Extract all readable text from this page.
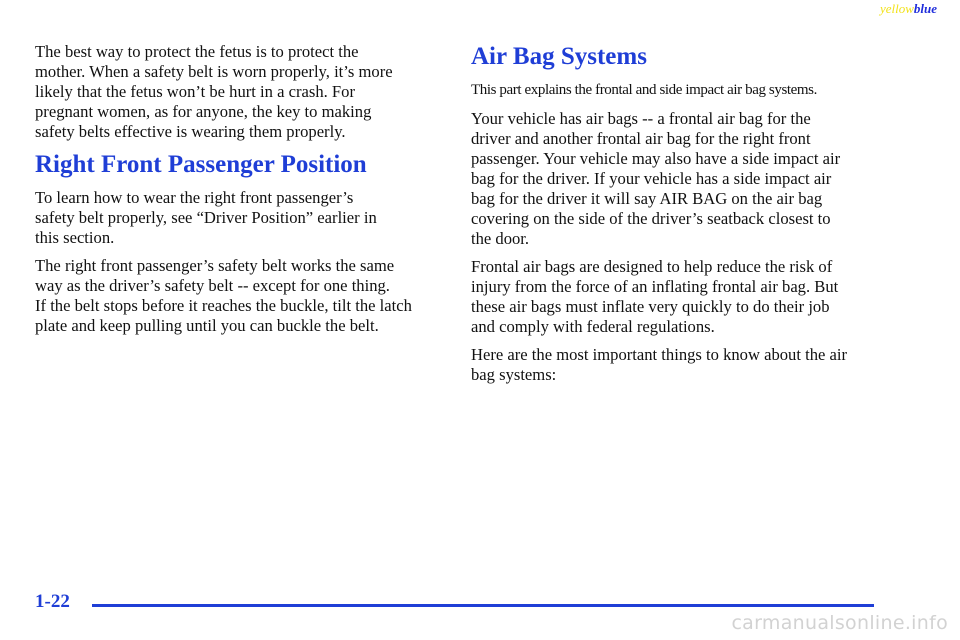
yellowblue

The best way to protect the fetus is to protect the
mother. When a safety belt is worn properly, it’s more
likely that the fetus won’t be hurt in a crash. For
pregnant women, as for anyone, the key to making
safety belts effective is wearing them properly.

Right Front Passenger Position

To learn how to wear the right front passenger’s
safety belt properly, see “Driver Position” earlier in
this section.

The right front passenger’s safety belt works the same
way as the driver’s safety belt -- except for one thing.
If the belt stops before it reaches the buckle, tilt the latch
plate and keep pulling until you can buckle the belt.

Air Bag Systems

This part explains the frontal and side impact air bag systems.

Your vehicle has air bags -- a frontal air bag for the
driver and another frontal air bag for the right front
passenger. Your vehicle may also have a side impact air
bag for the driver. If your vehicle has a side impact air
bag for the driver it will say AIR BAG on the air bag
covering on the side of the driver’s seatback closest to
the door.

Frontal air bags are designed to help reduce the risk of
injury from the force of an inflating frontal air bag. But
these air bags must inflate very quickly to do their job
and comply with federal regulations.

Here are the most important things to know about the air
bag systems:

1-22
carmanualsonline.info
